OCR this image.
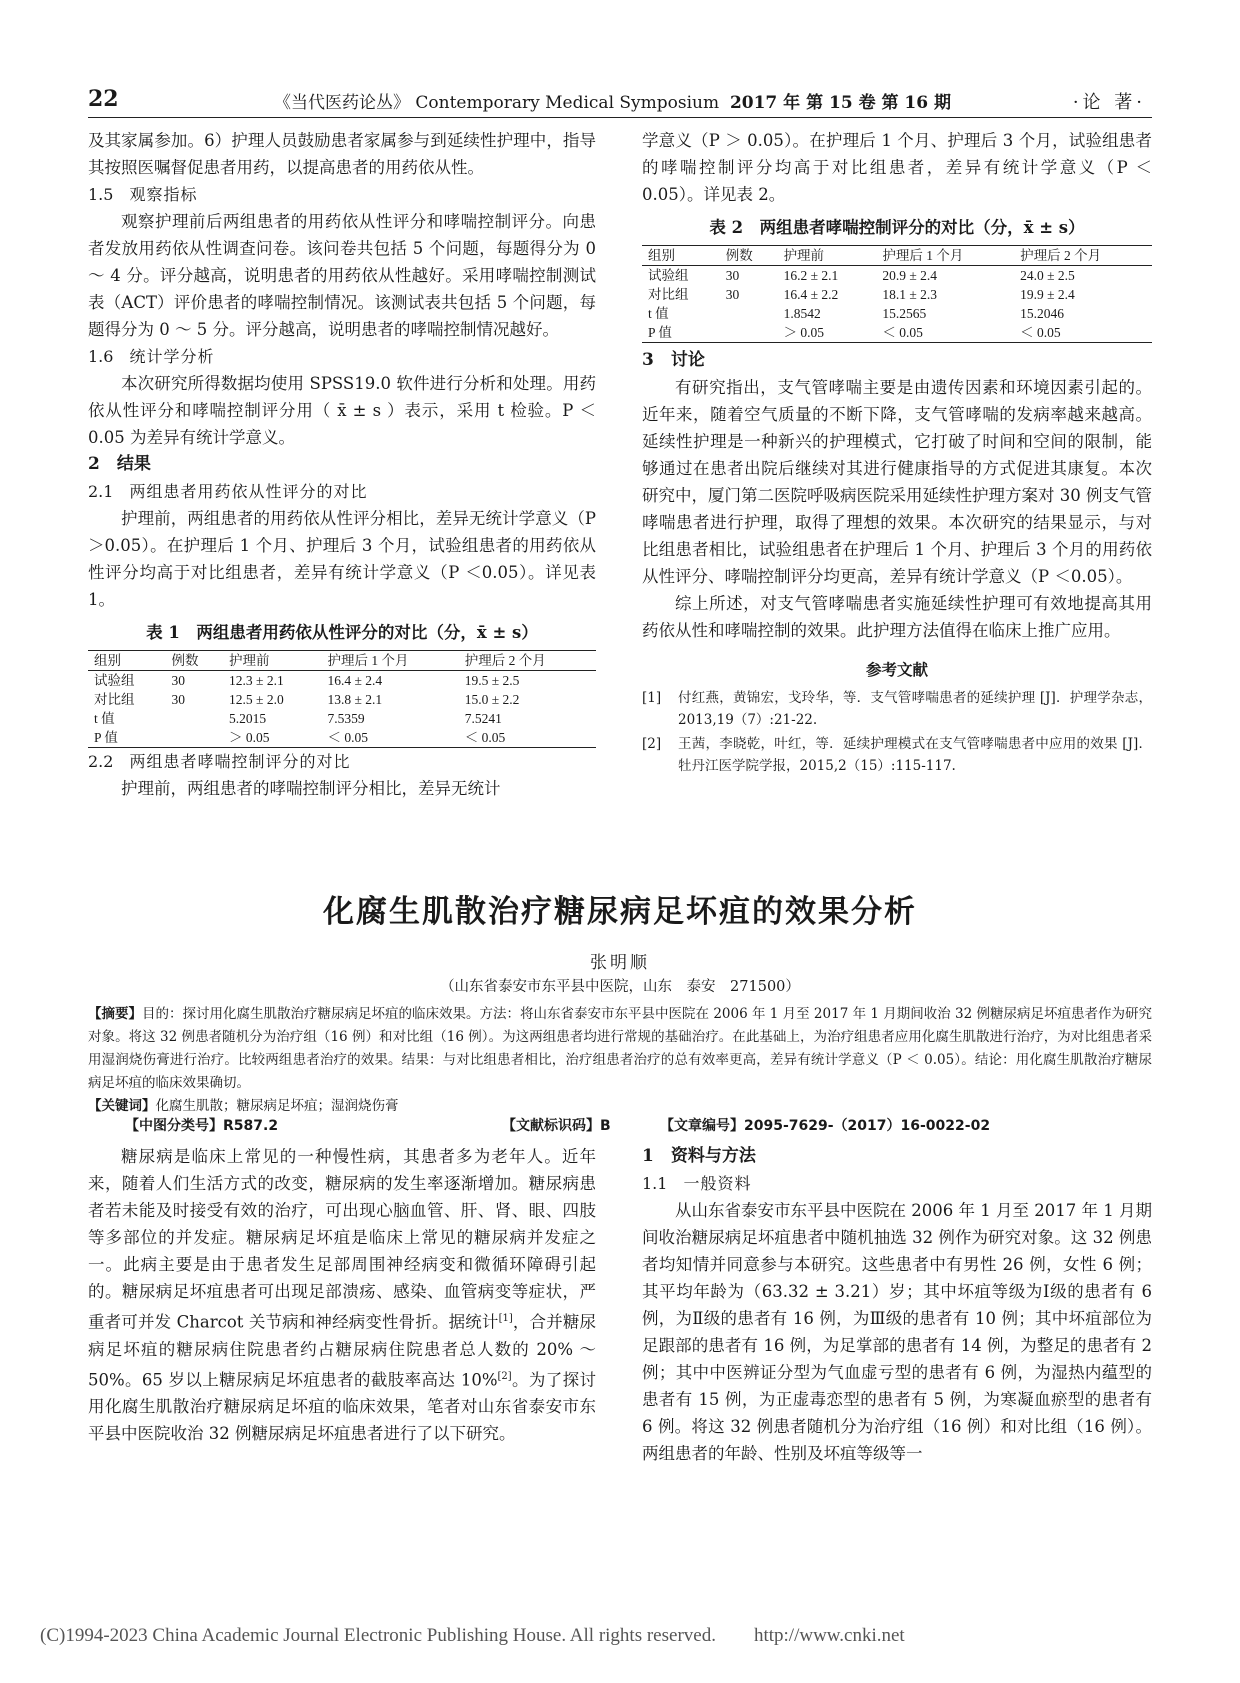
22	《当代医药论丛》 Contemporary Medical Symposium 2017 年 第 15 卷 第 16 期	·论 著·

及其家属参加。6）护理人员鼓励患者家属参与到延续性护理中，指导其按照医嘱督促患者用药，以提高患者的用药依从性。

1.5 观察指标

观察护理前后两组患者的用药依从性评分和哮喘控制评分。向患者发放用药依从性调查问卷。该问卷共包括 5 个问题，每题得分为 0 ～ 4 分。评分越高，说明患者的用药依从性越好。采用哮喘控制测试表（ACT）评价患者的哮喘控制情况。该测试表共包括 5 个问题，每题得分为 0 ～ 5 分。评分越高，说明患者的哮喘控制情况越好。

1.6 统计学分析

本次研究所得数据均使用 SPSS19.0 软件进行分析和处理。用药依从性评分和哮喘控制评分用（ x̄ ± s ）表示，采用 t 检验。P ＜ 0.05 为差异有统计学意义。

2　结果

2.1 两组患者用药依从性评分的对比

护理前，两组患者的用药依从性评分相比，差异无统计学意义（P ＞0.05）。在护理后 1 个月、护理后 3 个月，试验组患者的用药依从性评分均高于对比组患者，差异有统计学意义（P ＜0.05）。详见表 1。

表 1　两组患者用药依从性评分的对比（分，x̄ ± s）
组别	例数	护理前	护理后 1 个月	护理后 2 个月
试验组	30	12.3 ± 2.1	16.4 ± 2.4	19.5 ± 2.5
对比组	30	12.5 ± 2.0	13.8 ± 2.1	15.0 ± 2.2
t 值		5.2015	7.5359	7.5241
P 值		＞ 0.05	＜ 0.05	＜ 0.05

2.2 两组患者哮喘控制评分的对比

护理前，两组患者的哮喘控制评分相比，差异无统计

学意义（P ＞ 0.05）。在护理后 1 个月、护理后 3 个月，试验组患者的哮喘控制评分均高于对比组患者，差异有统计学意义（P ＜ 0.05）。详见表 2。

表 2　两组患者哮喘控制评分的对比（分，x̄ ± s）
组别	例数	护理前	护理后 1 个月	护理后 2 个月
试验组	30	16.2 ± 2.1	20.9 ± 2.4	24.0 ± 2.5
对比组	30	16.4 ± 2.2	18.1 ± 2.3	19.9 ± 2.4
t 值		1.8542	15.2565	15.2046
P 值		＞ 0.05	＜ 0.05	＜ 0.05

3　讨论

有研究指出，支气管哮喘主要是由遗传因素和环境因素引起的。近年来，随着空气质量的不断下降，支气管哮喘的发病率越来越高。延续性护理是一种新兴的护理模式，它打破了时间和空间的限制，能够通过在患者出院后继续对其进行健康指导的方式促进其康复。本次研究中，厦门第二医院呼吸病医院采用延续性护理方案对 30 例支气管哮喘患者进行护理，取得了理想的效果。本次研究的结果显示，与对比组患者相比，试验组患者在护理后 1 个月、护理后 3 个月的用药依从性评分、哮喘控制评分均更高，差异有统计学意义（P ＜0.05）。

综上所述，对支气管哮喘患者实施延续性护理可有效地提高其用药依从性和哮喘控制的效果。此护理方法值得在临床上推广应用。

参考文献
[1]	付红燕，黄锦宏，戈玲华，等．支气管哮喘患者的延续护理 [J]．护理学杂志，2013,19（7）:21-22.
[2]	王茜，李晓乾，叶红，等．延续护理模式在支气管哮喘患者中应用的效果 [J]．牡丹江医学院学报，2015,2（15）:115-117.
化腐生肌散治疗糖尿病足坏疽的效果分析
张明顺
（山东省泰安市东平县中医院，山东　泰安　271500）

【摘要】目的：探讨用化腐生肌散治疗糖尿病足坏疽的临床效果。方法：将山东省泰安市东平县中医院在 2006 年 1 月至 2017 年 1 月期间收治 32 例糖尿病足坏疽患者作为研究对象。将这 32 例患者随机分为治疗组（16 例）和对比组（16 例）。为这两组患者均进行常规的基础治疗。在此基础上，为治疗组患者应用化腐生肌散进行治疗，为对比组患者采用湿润烧伤膏进行治疗。比较两组患者治疗的效果。结果：与对比组患者相比，治疗组患者治疗的总有效率更高，差异有统计学意义（P ＜ 0.05）。结论：用化腐生肌散治疗糖尿病足坏疽的临床效果确切。

【关键词】化腐生肌散；糖尿病足坏疽；湿润烧伤膏

【中图分类号】R587.2	【文献标识码】B	【文章编号】2095-7629-（2017）16-0022-02

糖尿病是临床上常见的一种慢性病，其患者多为老年人。近年来，随着人们生活方式的改变，糖尿病的发生率逐渐增加。糖尿病患者若未能及时接受有效的治疗，可出现心脑血管、肝、肾、眼、四肢等多部位的并发症。糖尿病足坏疽是临床上常见的糖尿病并发症之一。此病主要是由于患者发生足部周围神经病变和微循环障碍引起的。糖尿病足坏疽患者可出现足部溃疡、感染、血管病变等症状，严重者可并发 Charcot 关节病和神经病变性骨折。据统计[1]，合并糖尿病足坏疽的糖尿病住院患者约占糖尿病住院患者总人数的 20% ～ 50%。65 岁以上糖尿病足坏疽患者的截肢率高达 10%[2]。为了探讨用化腐生肌散治疗糖尿病足坏疽的临床效果，笔者对山东省泰安市东平县中医院收治 32 例糖尿病足坏疽患者进行了以下研究。

1　资料与方法

1.1 一般资料

从山东省泰安市东平县中医院在 2006 年 1 月至 2017 年 1 月期间收治糖尿病足坏疽患者中随机抽选 32 例作为研究对象。这 32 例患者均知情并同意参与本研究。这些患者中有男性 26 例，女性 6 例；其平均年龄为（63.32 ± 3.21）岁；其中坏疽等级为Ⅰ级的患者有 6 例，为Ⅱ级的患者有 16 例，为Ⅲ级的患者有 10 例；其中坏疽部位为足跟部的患者有 16 例，为足掌部的患者有 14 例，为整足的患者有 2 例；其中中医辨证分型为气血虚亏型的患者有 6 例，为湿热内蕴型的患者有 15 例，为正虚毒恋型的患者有 5 例，为寒凝血瘀型的患者有 6 例。将这 32 例患者随机分为治疗组（16 例）和对比组（16 例）。两组患者的年龄、性别及坏疽等级等一

(C)1994-2023 China Academic Journal Electronic Publishing House. All rights reserved.　　http://www.cnki.net
